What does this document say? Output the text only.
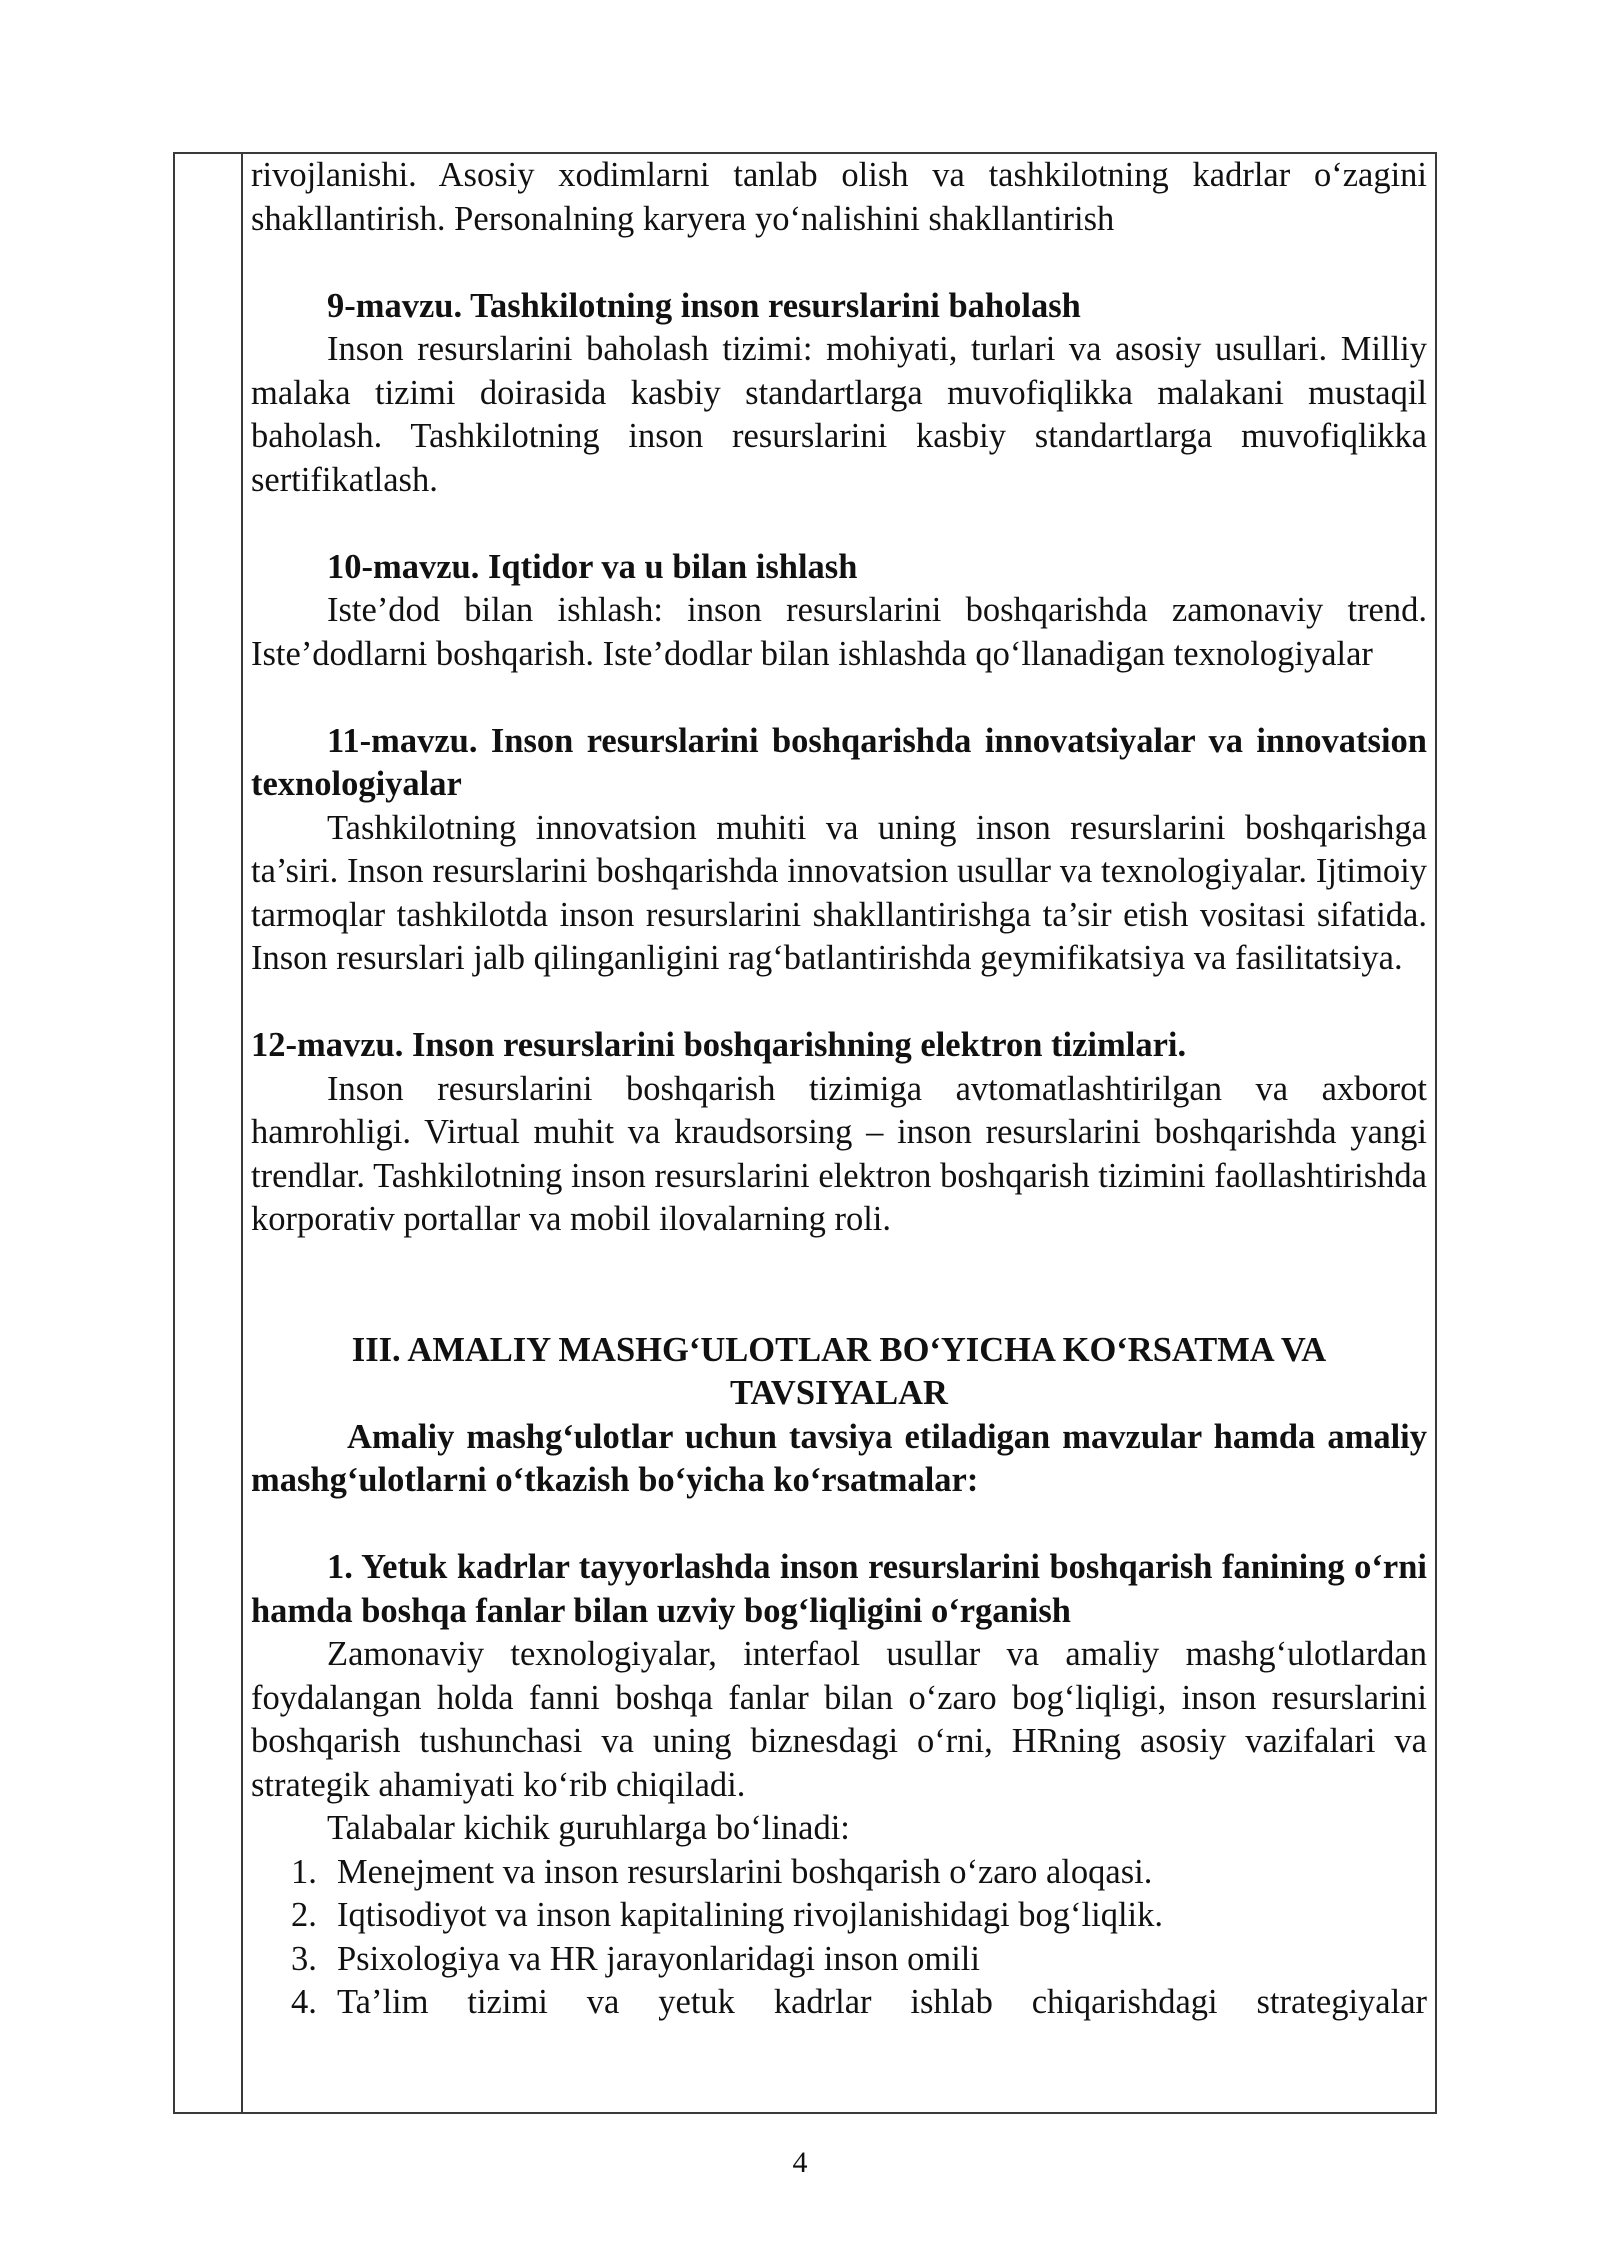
rivojlanishi. Asosiy xodimlarni tanlab olish va tashkilotning kadrlar o‘zagini shakllantirish. Personalning karyera yo‘nalishini shakllantirish

9-mavzu. Tashkilotning inson resurslarini baholash

Inson resurslarini baholash tizimi: mohiyati, turlari va asosiy usullari. Milliy malaka tizimi doirasida kasbiy standartlarga muvofiqlikka malakani mustaqil baholash. Tashkilotning inson resurslarini kasbiy standartlarga muvofiqlikka sertifikatlash.

10-mavzu. Iqtidor va u bilan ishlash

Iste’dod bilan ishlash: inson resurslarini boshqarishda zamonaviy trend. Iste’dodlarni boshqarish. Iste’dodlar bilan ishlashda qo‘llanadigan texnologiyalar

11-mavzu. Inson resurslarini boshqarishda innovatsiyalar va innovatsion texnologiyalar

Tashkilotning innovatsion muhiti va uning inson resurslarini boshqarishga ta’siri. Inson resurslarini boshqarishda innovatsion usullar va texnologiyalar. Ijtimoiy tarmoqlar tashkilotda inson resurslarini shakllantirishga ta’sir etish vositasi sifatida. Inson resurslari jalb qilinganligini rag‘batlantirishda geymifikatsiya va fasilitatsiya.

12-mavzu. Inson resurslarini boshqarishning elektron tizimlari.

Inson resurslarini boshqarish tizimiga avtomatlashtirilgan va axborot hamrohligi. Virtual muhit va kraudsorsing – inson resurslarini boshqarishda yangi trendlar. Tashkilotning inson resurslarini elektron boshqarish tizimini faollashtirishda korporativ portallar va mobil ilovalarning roli.

III. AMALIY MASHG‘ULOTLAR BO‘YICHA KO‘RSATMA VA

TAVSIYALAR

Amaliy mashg‘ulotlar uchun tavsiya etiladigan mavzular hamda amaliy mashg‘ulotlarni o‘tkazish bo‘yicha ko‘rsatmalar:

1. Yetuk kadrlar tayyorlashda inson resurslarini boshqarish fanining o‘rni hamda boshqa fanlar bilan uzviy bog‘liqligini o‘rganish

Zamonaviy texnologiyalar, interfaol usullar va amaliy mashg‘ulotlardan foydalangan holda fanni boshqa fanlar bilan o‘zaro bog‘liqligi, inson resurslarini boshqarish tushunchasi va uning biznesdagi o‘rni, HRning asosiy vazifalari va strategik ahamiyati ko‘rib chiqiladi.

Talabalar kichik guruhlarga bo‘linadi:

1. Menejment va inson resurslarini boshqarish o‘zaro aloqasi.
2. Iqtisodiyot va inson kapitalining rivojlanishidagi bog‘liqlik.
3. Psixologiya va HR jarayonlaridagi inson omili
4. Ta’lim tizimi va yetuk kadrlar ishlab chiqarishdagi strategiyalar
4
